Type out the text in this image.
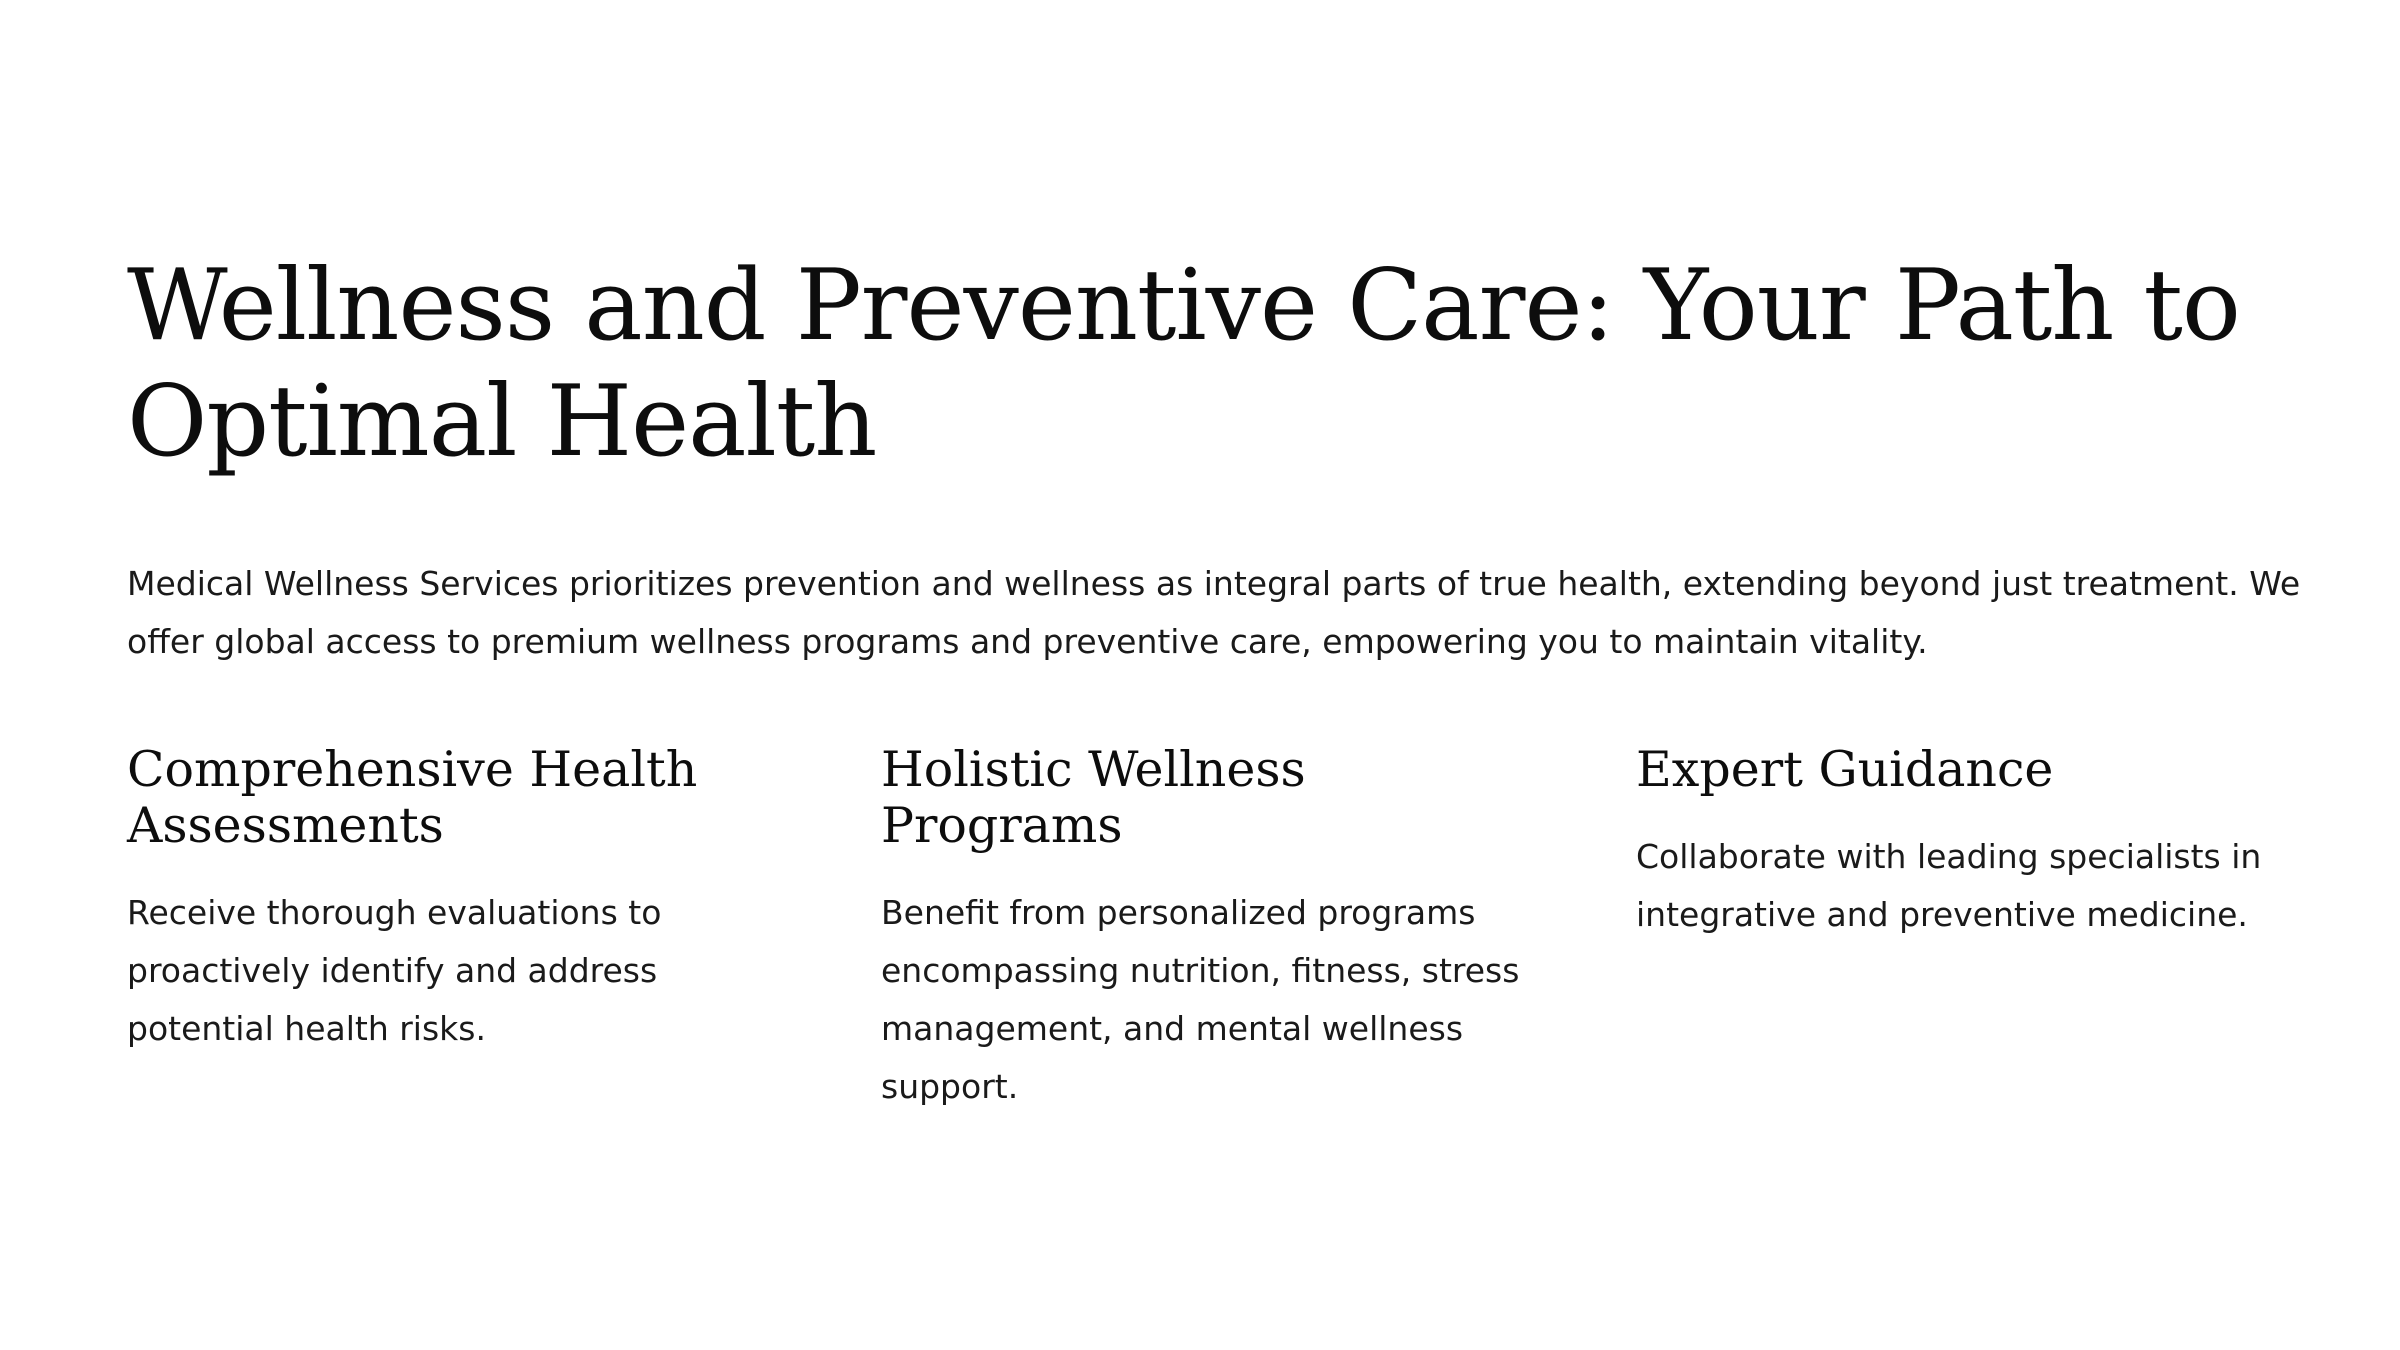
Wellness and Preventive Care: Your Path to Optimal Health

Medical Wellness Services prioritizes prevention and wellness as integral parts of true health, extending beyond just treatment. We offer global access to premium wellness programs and preventive care, empowering you to maintain vitality.

Comprehensive Health Assessments

Receive thorough evaluations to proactively identify and address potential health risks.

Holistic Wellness Programs

Benefit from personalized programs encompassing nutrition, fitness, stress management, and mental wellness support.

Expert Guidance

Collaborate with leading specialists in integrative and preventive medicine.
